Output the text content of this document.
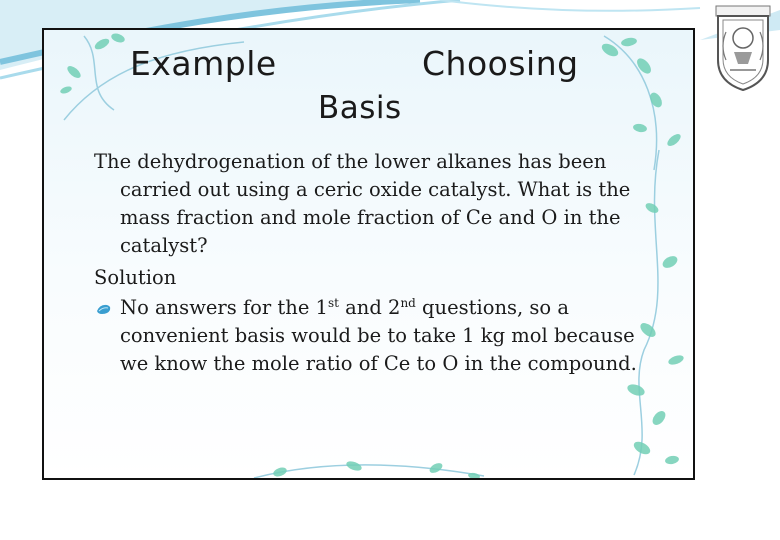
Example	Choosing
Basis

The dehydrogenation of the lower alkanes has been carried out using a ceric oxide catalyst. What is the mass fraction and mole fraction of Ce and O in the catalyst?

Solution

No answers for the 1st and 2nd questions, so a convenient basis would be to take 1 kg mol because we know the mole ratio of Ce to O in the compound.
